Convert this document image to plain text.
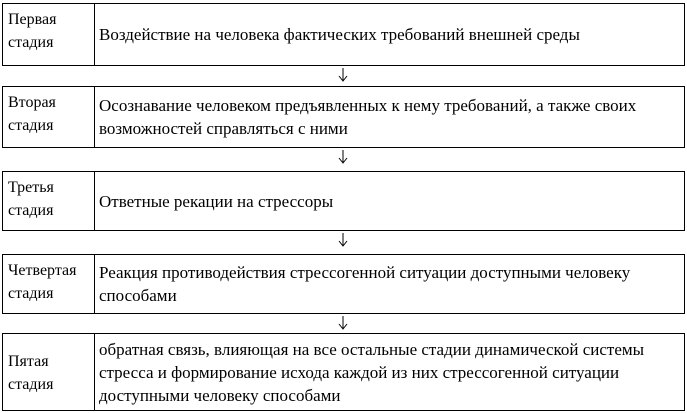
Первая
стадия	Воздействие на человека фактических требований внешней среды
Вторая
стадия
Осознавание человеком предъявленных к нему требований, а также своих возможностей справляться с ними
Третья
стадия	Ответные рекации на стрессоры
Четвертая
стадия
Реакция противодействия стрессогенной ситуации доступными человеку способами
Пятая
стадия
обратная связь, влияющая на все остальные стадии динамической системы стресса и формирование исхода каждой из них стрессогенной ситуации доступными человеку способами
